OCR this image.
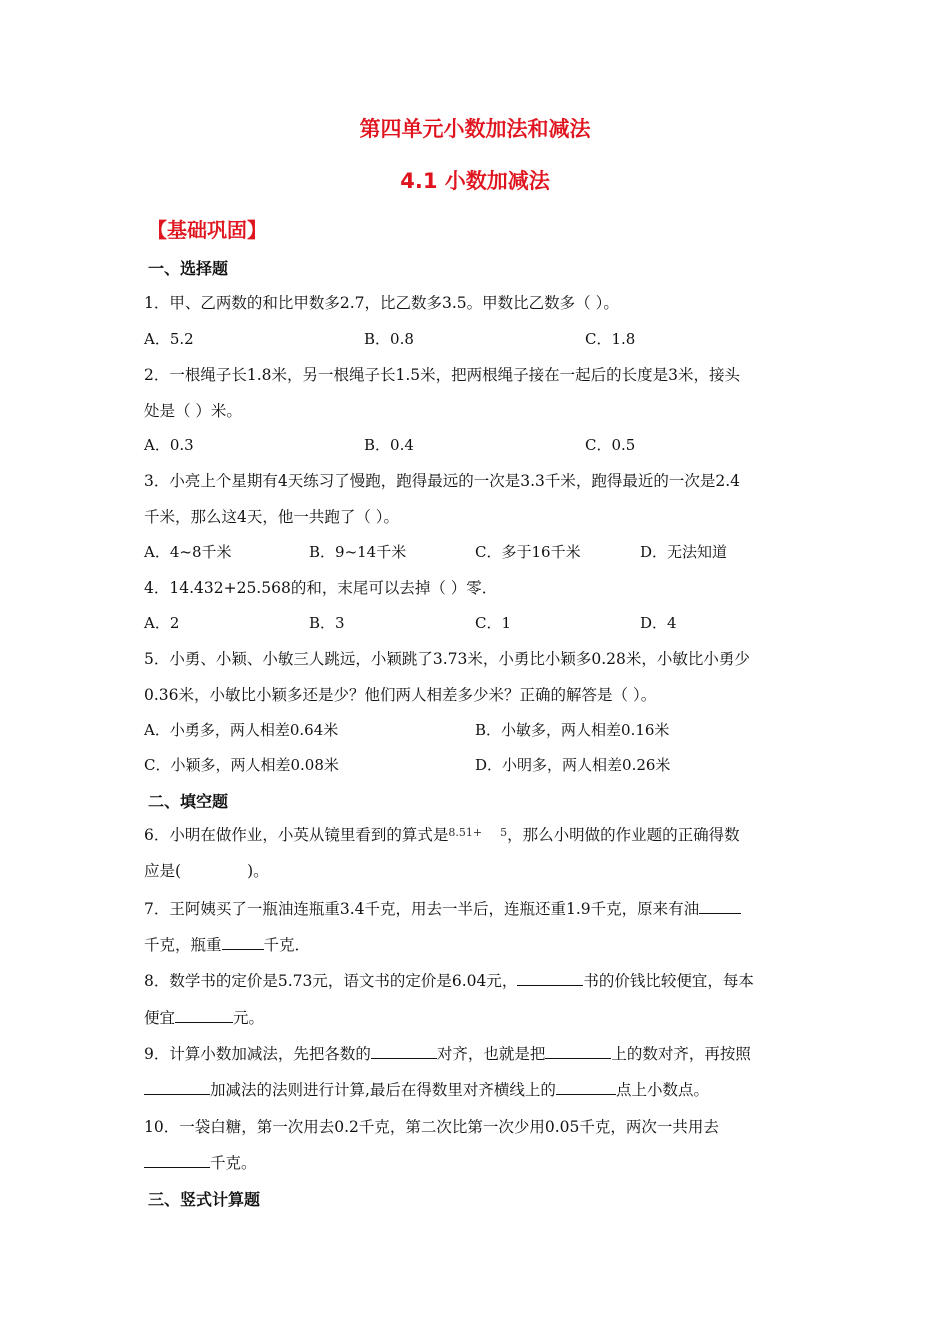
第四单元小数加法和减法
4.1 小数加减法
【基础巩固】
一、选择题
1．甲、乙两数的和比甲数多2.7，比乙数多3.5。甲数比乙数多（ ）。
A．5.2	B．0.8	C．1.8
2．一根绳子长1.8米，另一根绳子长1.5米，把两根绳子接在一起后的长度是3米，接头
处是（ ）米。
A．0.3	B．0.4	C．0.5
3．小亮上个星期有4天练习了慢跑，跑得最远的一次是3.3千米，跑得最近的一次是2.4
千米，那么这4天，他一共跑了（ ）。
A．4~8千米	B．9~14千米	C．多于16千米	D．无法知道
4．14.432+25.568的和，末尾可以去掉（ ）零．
A．2	B．3	C．1	D．4
5．小勇、小颖、小敏三人跳远，小颖跳了3.73米，小勇比小颖多0.28米，小敏比小勇少
0.36米，小敏比小颖多还是少？他们两人相差多少米？正确的解答是（ ）。
A．小勇多，两人相差0.64米	B．小敏多，两人相差0.16米
C．小颖多，两人相差0.08米	D．小明多，两人相差0.26米
二、填空题
6．小明在做作业，小英从镜里看到的算式是$^{8.51+}$ $^5$，那么小明做的作业题的正确得数
应是(	)。
7．王阿姨买了一瓶油连瓶重3.4千克，用去一半后，连瓶还重1.9千克，原来有油
千克，瓶重	千克．
8．数学书的定价是5.73元，语文书的定价是6.04元，	书的价钱比较便宜，每本
便宜	元。
9．计算小数加减法，先把各数的	对齐，也就是把	上的数对齐，再按照
加减法的法则进行计算,最后在得数里对齐横线上的	点上小数点。
10．一袋白糖，第一次用去0.2千克，第二次比第一次少用0.05千克，两次一共用去
千克。
三、竖式计算题
